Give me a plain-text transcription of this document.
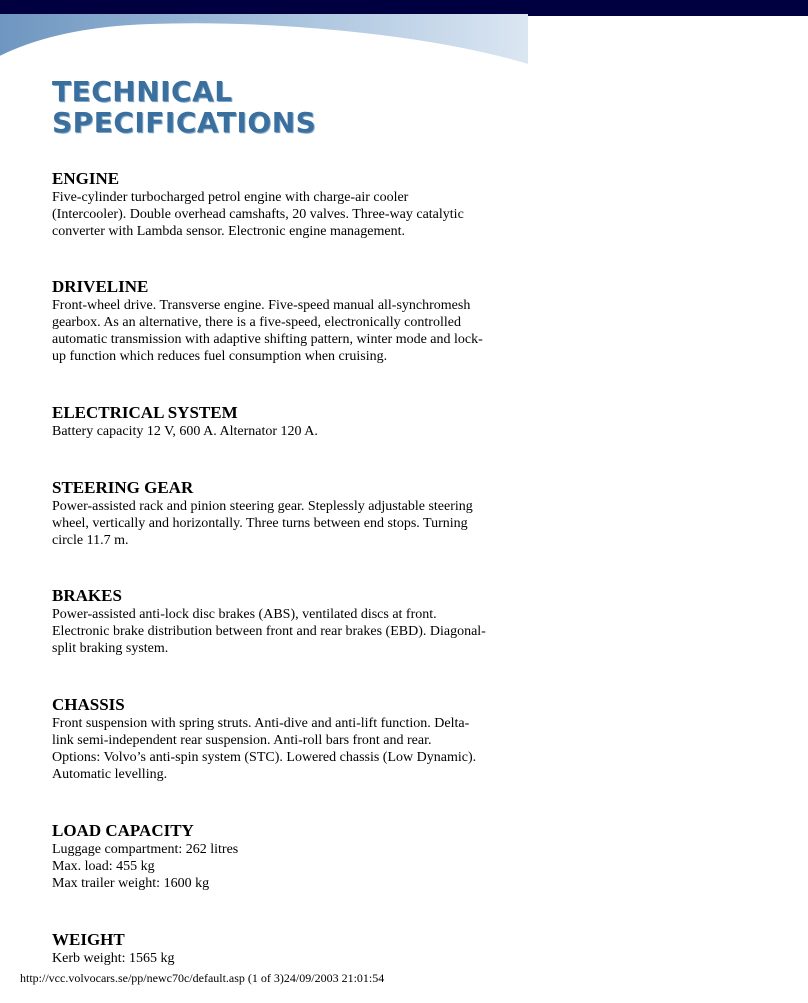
TECHNICAL
SPECIFICATIONS
ENGINE

Five-cylinder turbocharged petrol engine with charge-air cooler

(Intercooler). Double overhead camshafts, 20 valves. Three-way catalytic

converter with Lambda sensor. Electronic engine management.

DRIVELINE

Front-wheel drive. Transverse engine. Five-speed manual all-synchromesh

gearbox. As an alternative, there is a five-speed, electronically controlled

automatic transmission with adaptive shifting pattern, winter mode and lock-

up function which reduces fuel consumption when cruising.

ELECTRICAL SYSTEM

Battery capacity 12 V, 600 A. Alternator 120 A.

STEERING GEAR

Power-assisted rack and pinion steering gear. Steplessly adjustable steering

wheel, vertically and horizontally. Three turns between end stops. Turning

circle 11.7 m.

BRAKES

Power-assisted anti-lock disc brakes (ABS), ventilated discs at front.

Electronic brake distribution between front and rear brakes (EBD). Diagonal-

split braking system.

CHASSIS

Front suspension with spring struts. Anti-dive and anti-lift function. Delta-

link semi-independent rear suspension. Anti-roll bars front and rear.

Options: Volvo’s anti-spin system (STC). Lowered chassis (Low Dynamic).

Automatic levelling.

LOAD CAPACITY

Luggage compartment: 262 litres

Max. load: 455 kg

Max trailer weight: 1600 kg

WEIGHT

Kerb weight: 1565 kg

http://vcc.volvocars.se/pp/newc70c/default.asp (1 of 3)24/09/2003 21:01:54
